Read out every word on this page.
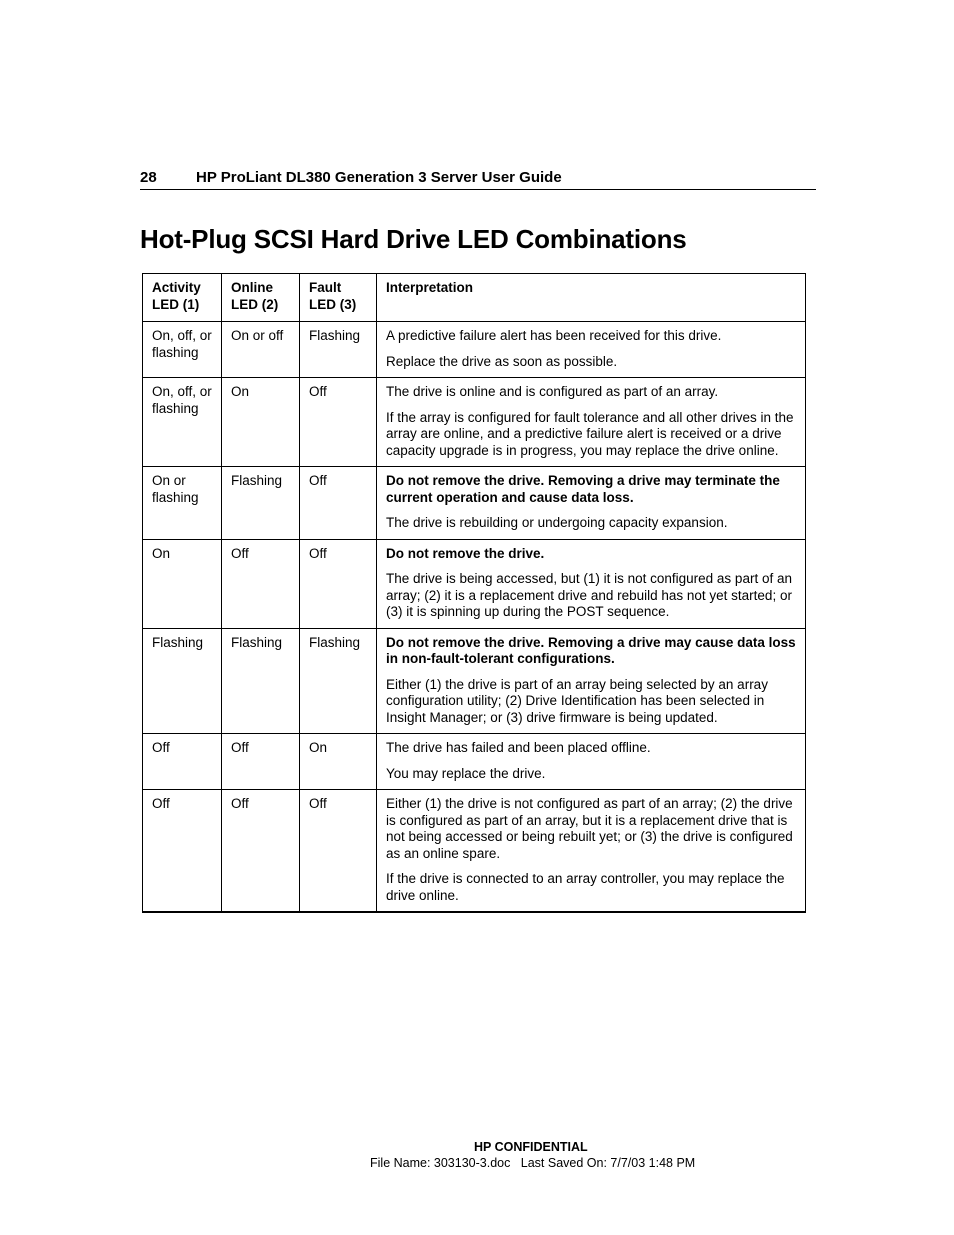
28	HP ProLiant DL380 Generation 3 Server User Guide
Hot-Plug SCSI Hard Drive LED Combinations
Activity LED (1)	Online LED (2)	Fault LED (3)	Interpretation
On, off, or flashing	On or off	Flashing	A predictive failure alert has been received for this drive.

Replace the drive as soon as possible.

On, off, or flashing	On	Off	The drive is online and is configured as part of an array.

If the array is configured for fault tolerance and all other drives in the array are online, and a predictive failure alert is received or a drive capacity upgrade is in progress, you may replace the drive online.

On or flashing	Flashing	Off	Do not remove the drive. Removing a drive may terminate the current operation and cause data loss.

The drive is rebuilding or undergoing capacity expansion.

On	Off	Off	Do not remove the drive.

The drive is being accessed, but (1) it is not configured as part of an array; (2) it is a replacement drive and rebuild has not yet started; or (3) it is spinning up during the POST sequence.

Flashing	Flashing	Flashing	Do not remove the drive. Removing a drive may cause data loss in non-fault-tolerant configurations.

Either (1) the drive is part of an array being selected by an array configuration utility; (2) Drive Identification has been selected in Insight Manager; or (3) drive firmware is being updated.

Off	Off	On	The drive has failed and been placed offline.

You may replace the drive.

Off	Off	Off	Either (1) the drive is not configured as part of an array; (2) the drive is configured as part of an array, but it is a replacement drive that is not being accessed or being rebuilt yet; or (3) the drive is configured as an online spare.

If the drive is connected to an array controller, you may replace the drive online.

HP CONFIDENTIAL
File Name: 303130-3.doc   Last Saved On: 7/7/03 1:48 PM
